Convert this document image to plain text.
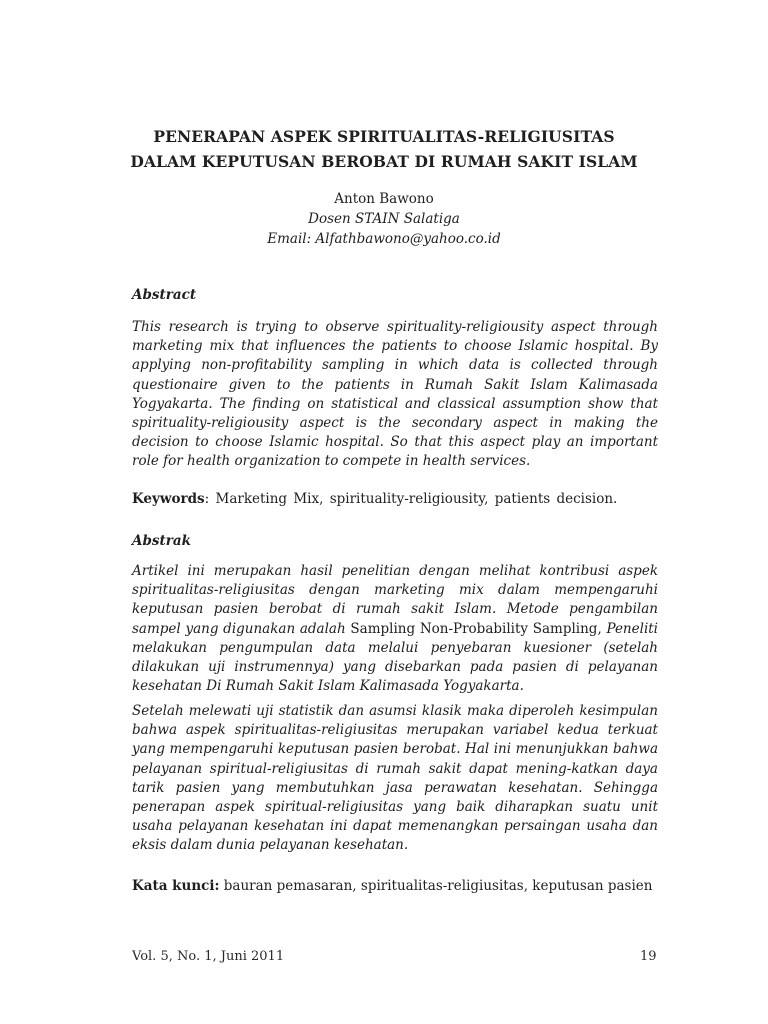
PENERAPAN ASPEK SPIRITUALITAS-RELIGIUSITAS
DALAM KEPUTUSAN BEROBAT DI RUMAH SAKIT ISLAM
Anton Bawono
Dosen STAIN Salatiga
Email: Alfathbawono@yahoo.co.id
Abstract
This research is trying to observe spirituality-religiousity aspect through marketing mix that influences the patients to choose Islamic hospital. By applying non-profitability sampling in which data is collected through questionaire given to the patients in Rumah Sakit Islam Kalimasada Yogyakarta. The finding on statistical and classical assumption show that spirituality-religiousity aspect is the secondary aspect in making the decision to choose Islamic hospital. So that this aspect play an important role for health organization to compete in health services.
Keywords: Marketing Mix, spirituality-religiousity, patients decision.
Abstrak
Artikel ini merupakan hasil penelitian dengan melihat kontribusi aspek spiritualitas-religiusitas dengan marketing mix dalam mempengaruhi keputusan pasien berobat di rumah sakit Islam. Metode pengambilan sampel yang digunakan adalah Sampling Non-Probability Sampling, Peneliti melakukan pengumpulan data melalui penyebaran kuesioner (setelah dilakukan uji instrumennya) yang disebarkan pada pasien di pelayanan kesehatan Di Rumah Sakit Islam Kalimasada Yogyakarta.
Setelah melewati uji statistik dan asumsi klasik maka diperoleh kesimpulan bahwa aspek spiritualitas-religiusitas merupakan variabel kedua terkuat yang mempengaruhi keputusan pasien berobat. Hal ini menunjukkan bahwa pelayanan spiritual-religiusitas di rumah sakit dapat mening-katkan daya tarik pasien yang membutuhkan jasa perawatan kesehatan. Sehingga penerapan aspek spiritual-religiusitas yang baik diharapkan suatu unit usaha pelayanan kesehatan ini dapat memenangkan persaingan usaha dan eksis dalam dunia pelayanan kesehatan.
Kata kunci: bauran pemasaran, spiritualitas-religiusitas, keputusan pasien
Vol. 5, No. 1, Juni 2011	19
